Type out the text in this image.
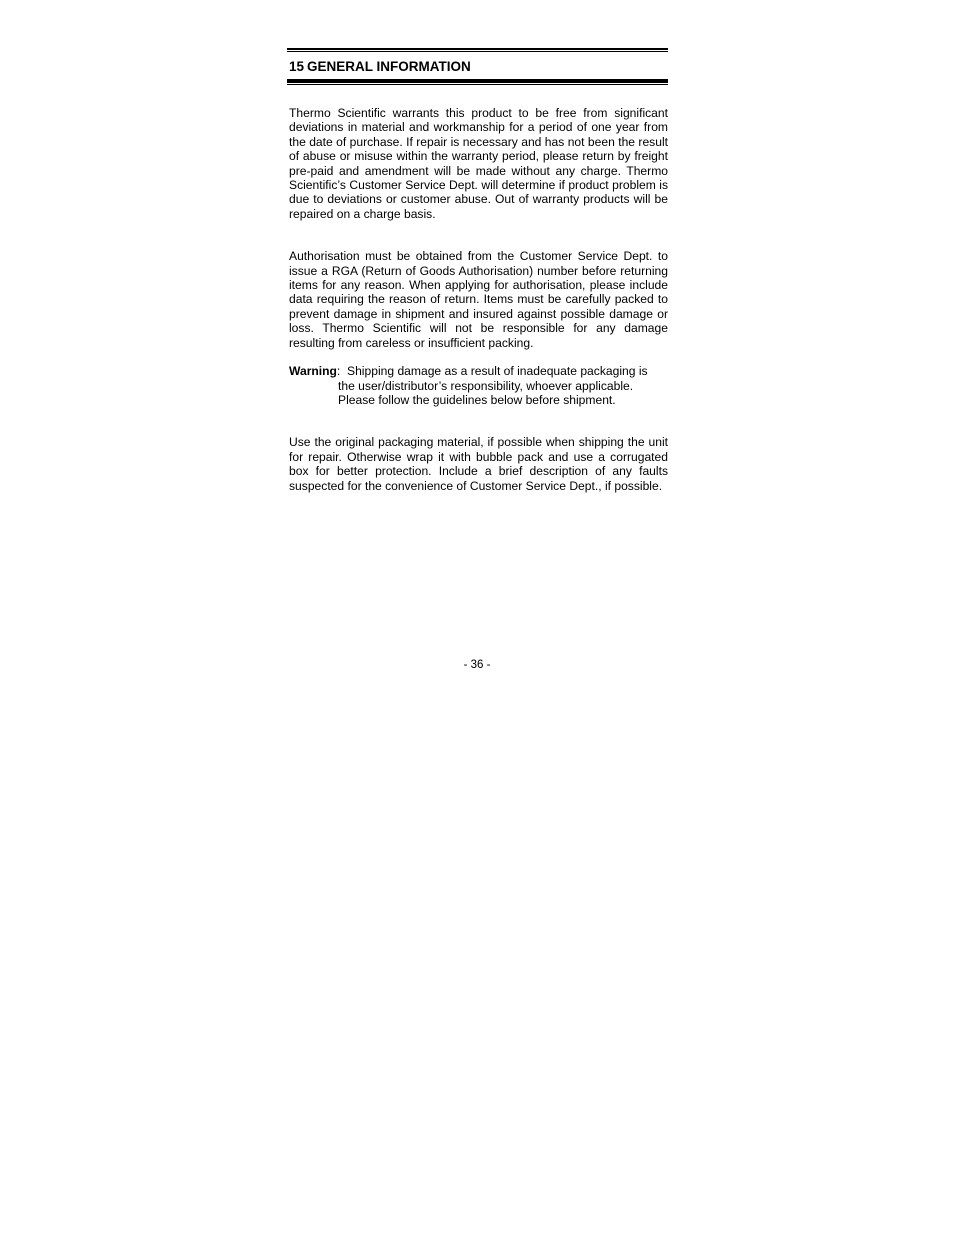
15 GENERAL INFORMATION

Thermo Scientific warrants this product to be free from significant deviations in material and workmanship for a period of one year from the date of purchase. If repair is necessary and has not been the result of abuse or misuse within the warranty period, please return by freight pre-paid and amendment will be made without any charge. Thermo Scientific’s Customer Service Dept. will determine if product problem is due to deviations or customer abuse. Out of warranty products will be repaired on a charge basis.

Authorisation must be obtained from the Customer Service Dept. to issue a RGA (Return of Goods Authorisation) number before returning items for any reason. When applying for authorisation, please include data requiring the reason of return. Items must be carefully packed to prevent damage in shipment and insured against possible damage or loss. Thermo Scientific will not be responsible for any damage resulting from careless or insufficient packing.

Warning:  Shipping damage as a result of inadequate packaging is
the user/distributor’s responsibility, whoever applicable.
Please follow the guidelines below before shipment.

Use the original packaging material, if possible when shipping the unit for repair. Otherwise wrap it with bubble pack and use a corrugated box for better protection. Include a brief description of any faults suspected for the convenience of Customer Service Dept., if possible.

- 36 -
